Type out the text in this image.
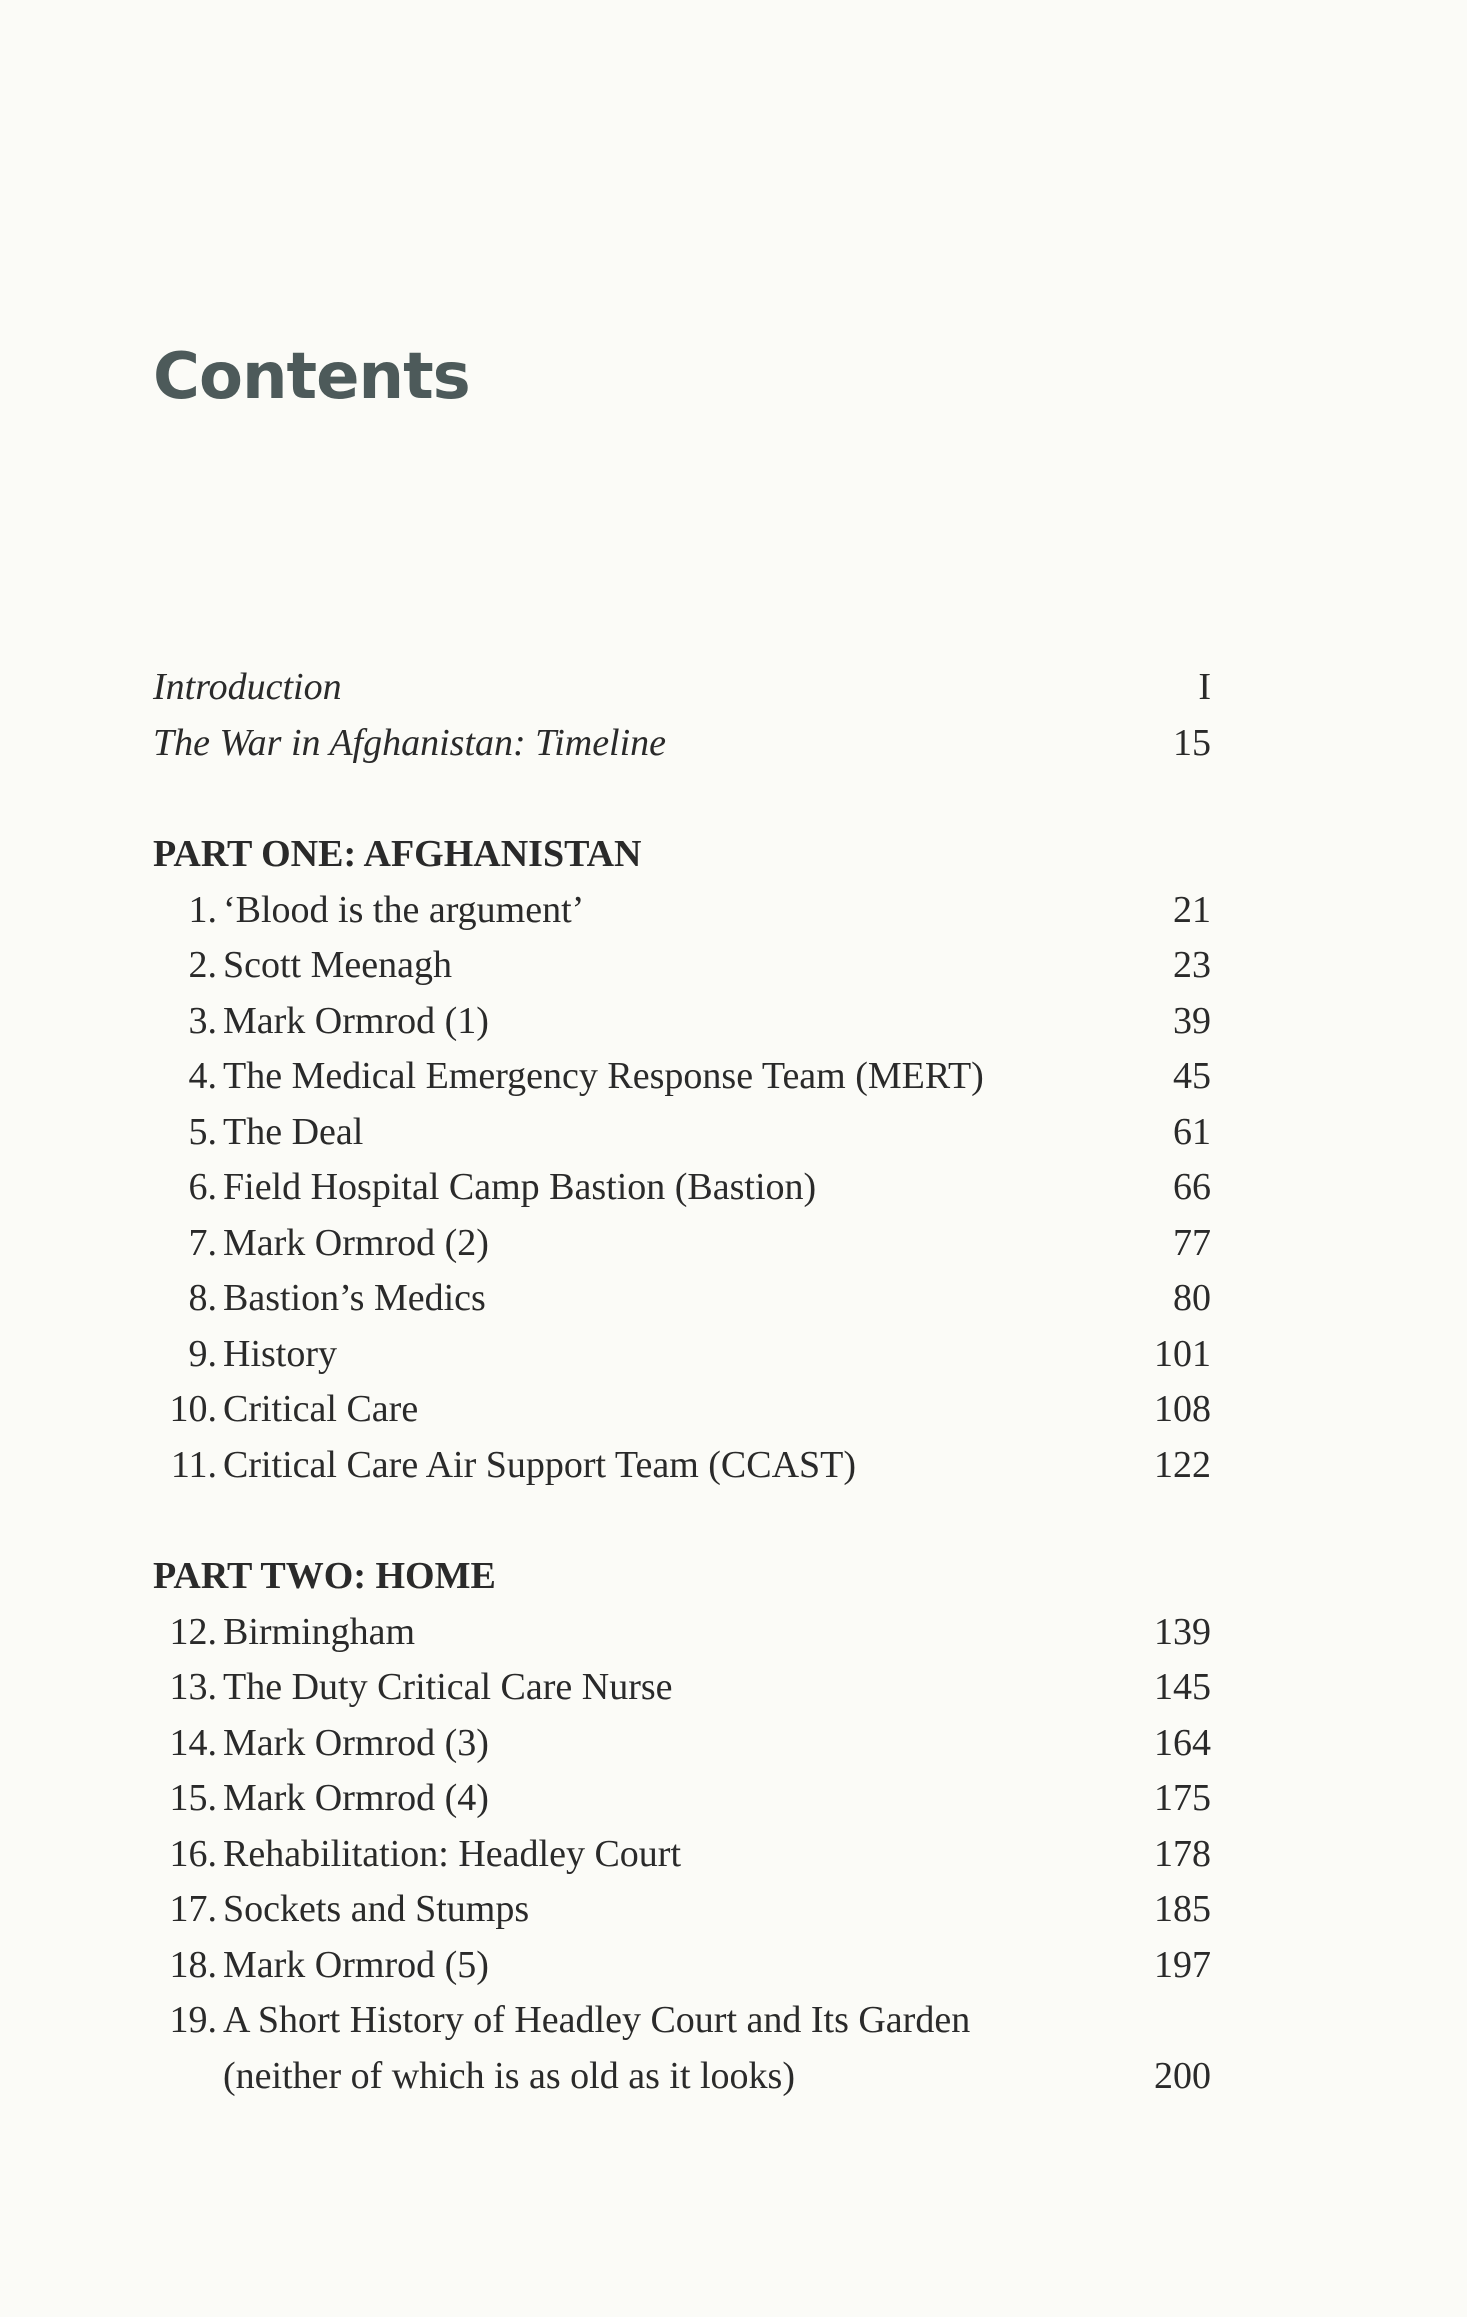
Contents
Introduction	I
The War in Afghanistan: Timeline	15
PART ONE: AFGHANISTAN
1. ‘Blood is the argument’	21
2. Scott Meenagh	23
3. Mark Ormrod (1)	39
4. The Medical Emergency Response Team (MERT)	45
5. The Deal	61
6. Field Hospital Camp Bastion (Bastion)	66
7. Mark Ormrod (2)	77
8. Bastion’s Medics	80
9. History	101
10. Critical Care	108
11. Critical Care Air Support Team (CCAST)	122
PART TWO: HOME
12. Birmingham	139
13. The Duty Critical Care Nurse	145
14. Mark Ormrod (3)	164
15. Mark Ormrod (4)	175
16. Rehabilitation: Headley Court	178
17. Sockets and Stumps	185
18. Mark Ormrod (5)	197
19. A Short History of Headley Court and Its Garden
(neither of which is as old as it looks)	200
